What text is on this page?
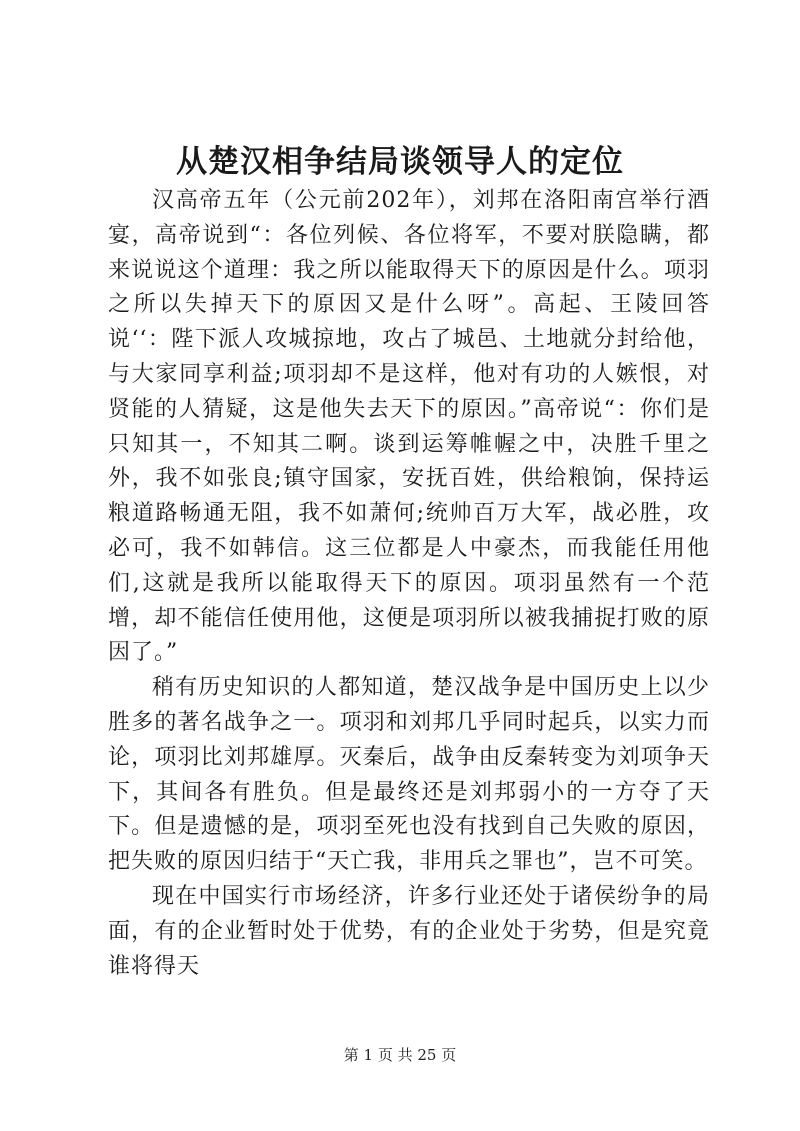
从楚汉相争结局谈领导人的定位

汉高帝五年（公元前202年），刘邦在洛阳南宫举行酒宴，高帝说到“：各位列候、各位将军，不要对朕隐瞒，都来说说这个道理：我之所以能取得天下的原因是什么。项羽之所以失掉天下的原因又是什么呀”。高起、王陵回答说‘‘：陛下派人攻城掠地，攻占了城邑、土地就分封给他，与大家同享利益;项羽却不是这样，他对有功的人嫉恨，对贤能的人猜疑，这是他失去天下的原因。”高帝说“：你们是只知其一，不知其二啊。谈到运筹帷幄之中，决胜千里之外，我不如张良;镇守国家，安抚百姓，供给粮饷，保持运粮道路畅通无阻，我不如萧何;统帅百万大军，战必胜，攻必可，我不如韩信。这三位都是人中豪杰，而我能任用他们,这就是我所以能取得天下的原因。项羽虽然有一个范增，却不能信任使用他，这便是项羽所以被我捕捉打败的原因了。”

稍有历史知识的人都知道，楚汉战争是中国历史上以少胜多的著名战争之一。项羽和刘邦几乎同时起兵，以实力而论，项羽比刘邦雄厚。灭秦后，战争由反秦转变为刘项争天下，其间各有胜负。但是最终还是刘邦弱小的一方夺了天下。但是遗憾的是，项羽至死也没有找到自己失败的原因，把失败的原因归结于“天亡我，非用兵之罪也”，岂不可笑。

现在中国实行市场经济，许多行业还处于诸侯纷争的局面，有的企业暂时处于优势，有的企业处于劣势，但是究竟谁将得天

第 1 页 共 25 页
